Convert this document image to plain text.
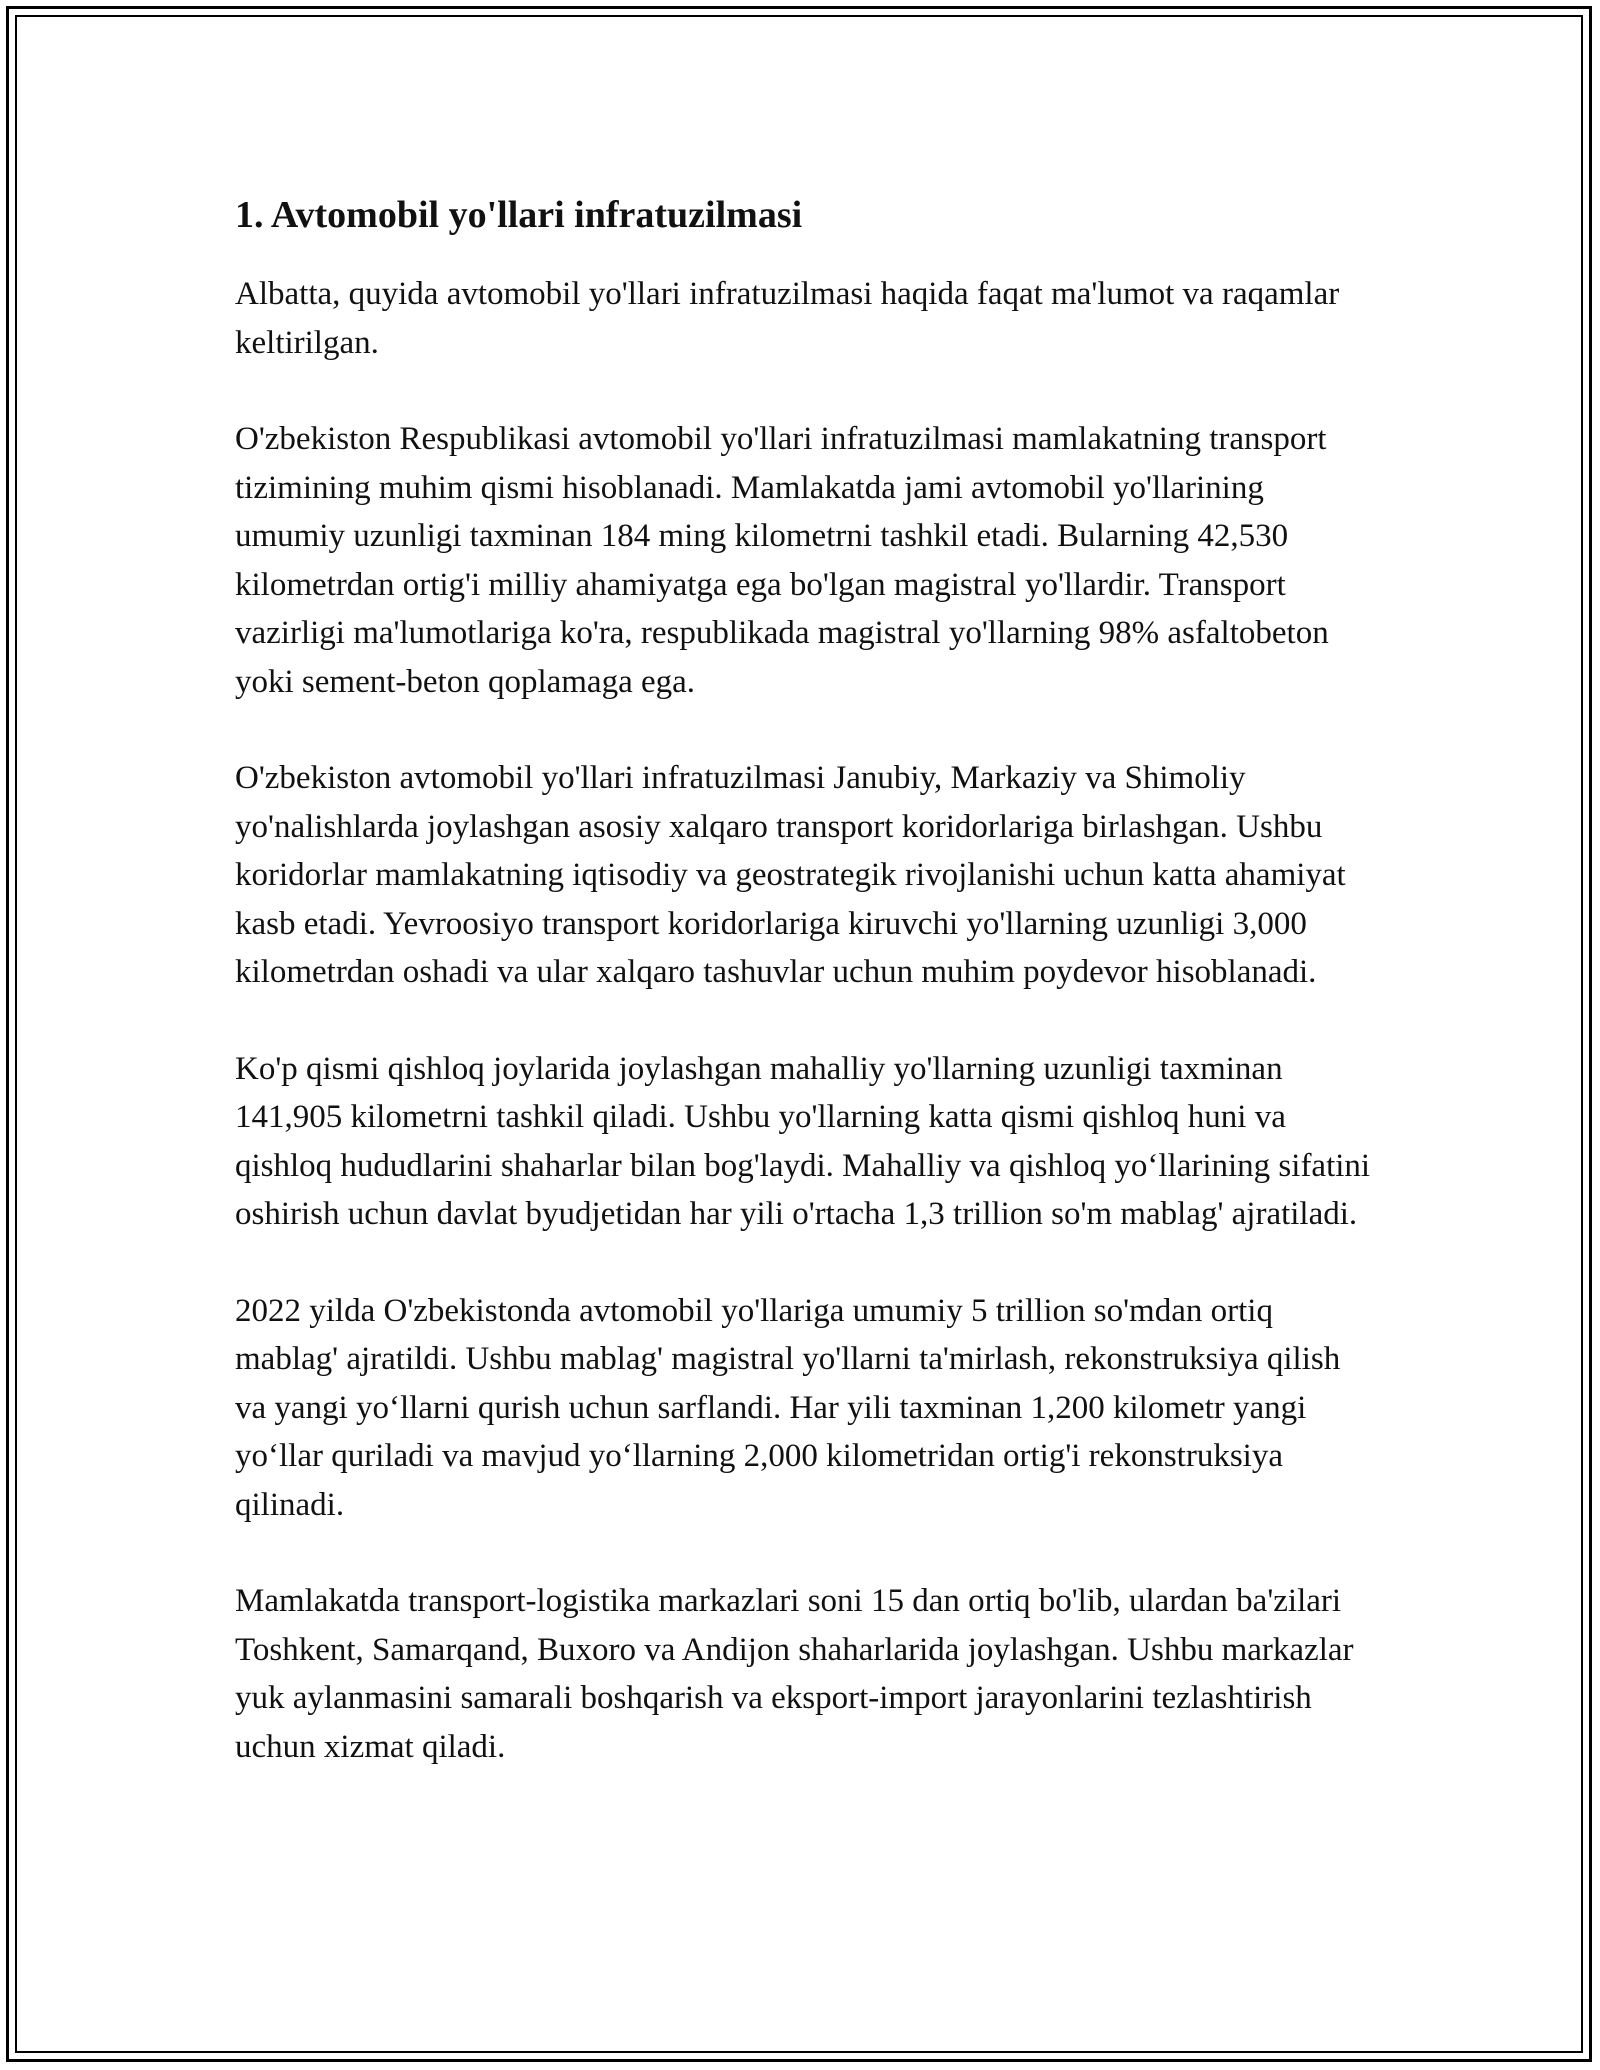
1. Avtomobil yo'llari infratuzilmasi

Albatta, quyida avtomobil yo'llari infratuzilmasi haqida faqat ma'lumot va raqamlar keltirilgan.

O'zbekiston Respublikasi avtomobil yo'llari infratuzilmasi mamlakatning transport tizimining muhim qismi hisoblanadi. Mamlakatda jami avtomobil yo'llarining umumiy uzunligi taxminan 184 ming kilometrni tashkil etadi. Bularning 42,530 kilometrdan ortig'i milliy ahamiyatga ega bo'lgan magistral yo'llardir. Transport vazirligi ma'lumotlariga ko'ra, respublikada magistral yo'llarning 98% asfaltobeton yoki sement-beton qoplamaga ega.

O'zbekiston avtomobil yo'llari infratuzilmasi Janubiy, Markaziy va Shimoliy yo'nalishlarda joylashgan asosiy xalqaro transport koridorlariga birlashgan. Ushbu koridorlar mamlakatning iqtisodiy va geostrategik rivojlanishi uchun katta ahamiyat kasb etadi. Yevroosiyo transport koridorlariga kiruvchi yo'llarning uzunligi 3,000 kilometrdan oshadi va ular xalqaro tashuvlar uchun muhim poydevor hisoblanadi.

Ko'p qismi qishloq joylarida joylashgan mahalliy yo'llarning uzunligi taxminan 141,905 kilometrni tashkil qiladi. Ushbu yo'llarning katta qismi qishloq huni va qishloq hududlarini shaharlar bilan bog'laydi. Mahalliy va qishloq yo‘llarining sifatini oshirish uchun davlat byudjetidan har yili o'rtacha 1,3 trillion so'm mablag' ajratiladi.

2022 yilda O'zbekistonda avtomobil yo'llariga umumiy 5 trillion so'mdan ortiq mablag' ajratildi. Ushbu mablag' magistral yo'llarni ta'mirlash, rekonstruksiya qilish va yangi yo‘llarni qurish uchun sarflandi. Har yili taxminan 1,200 kilometr yangi yo‘llar quriladi va mavjud yo‘llarning 2,000 kilometridan ortig'i rekonstruksiya qilinadi.

Mamlakatda transport-logistika markazlari soni 15 dan ortiq bo'lib, ulardan ba'zilari Toshkent, Samarqand, Buxoro va Andijon shaharlarida joylashgan. Ushbu markazlar yuk aylanmasini samarali boshqarish va eksport-import jarayonlarini tezlashtirish uchun xizmat qiladi.
